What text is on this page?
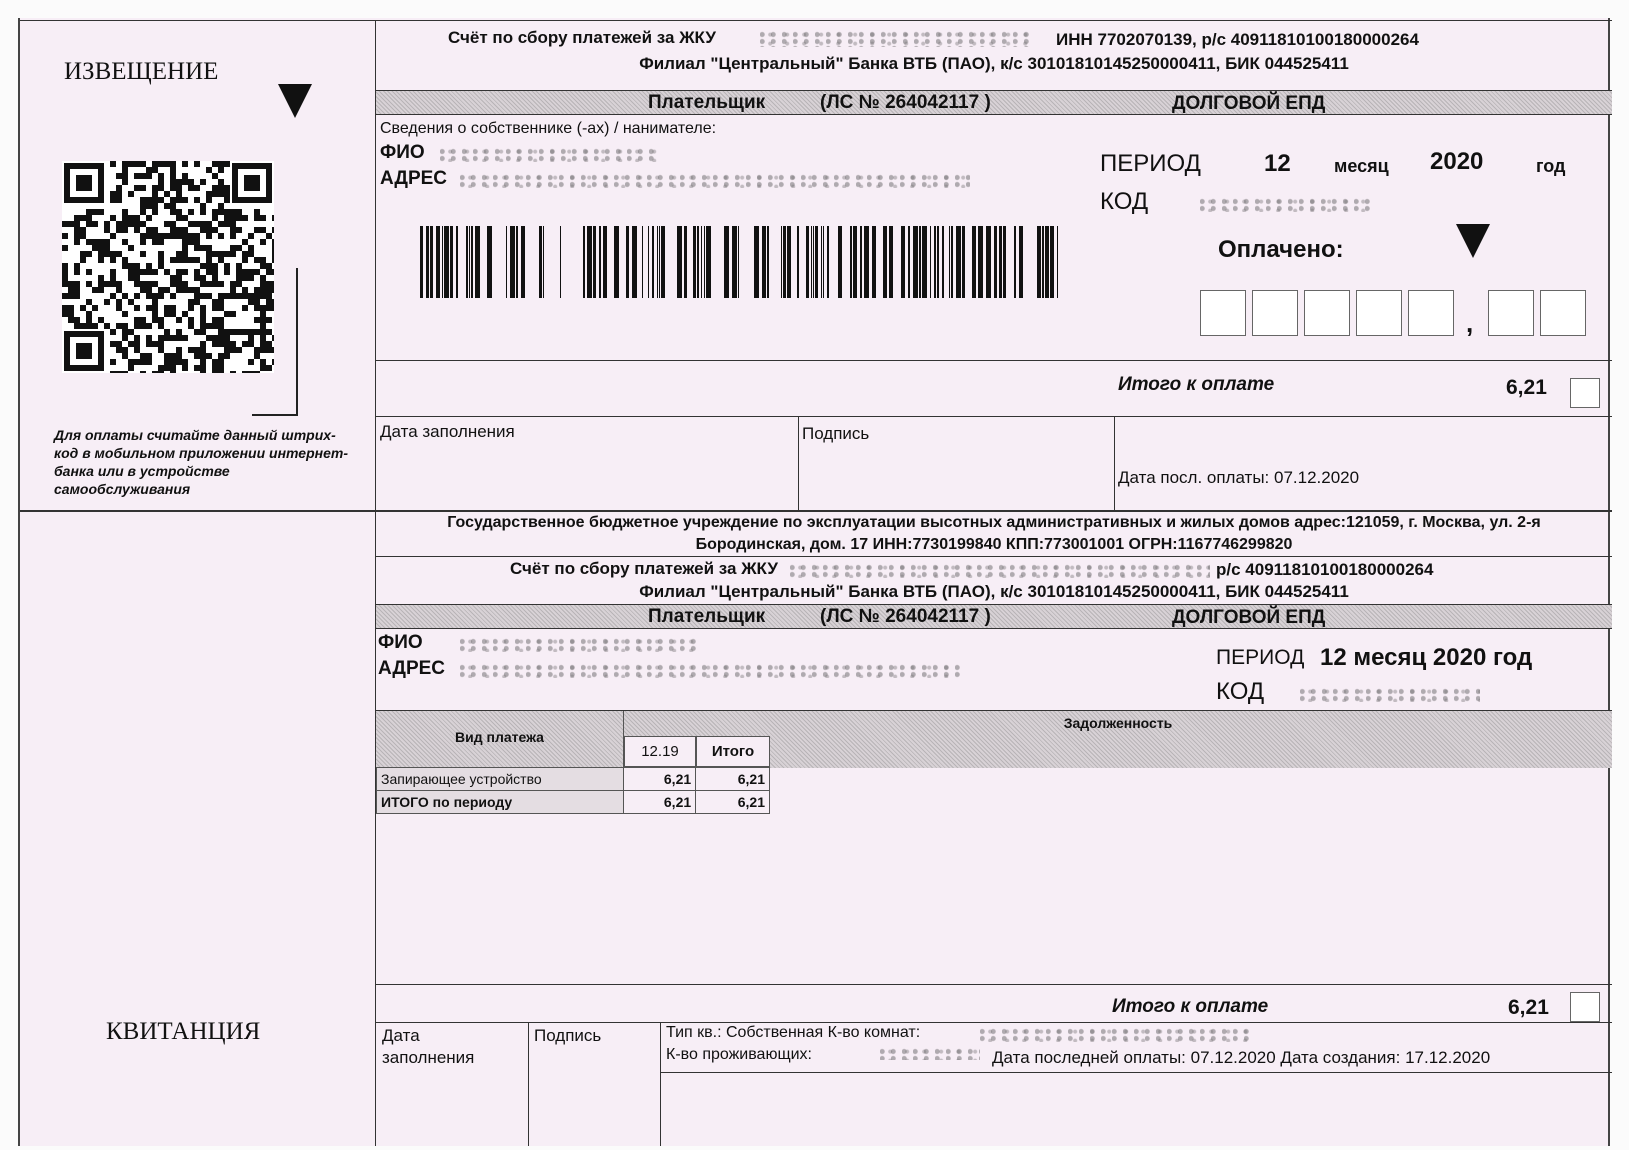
ИЗВЕЩЕНИЕ
Для оплаты считайте данный штрих-код в мобильном приложении интернет-банка или в устройстве самообслуживания
Счёт по сбору платежей за ЖКУ	ИНН 7702070139, р/с 40911810100180000264
Филиал "Центральный" Банка ВТБ (ПАО), к/с 30101810145250000411, БИК 044525411
Плательщик	(ЛС № 264042117 )	ДОЛГОВОЙ ЕПД
Сведения о собственнике (-ах) / нанимателе:
ФИО
АДРЕС
ПЕРИОД	12 месяц 2020	год
КОД
Оплачено:
,
Итого к оплате	6,21
Дата заполнения	Подпись
Дата посл. оплаты: 07.12.2020
Государственное бюджетное учреждение по эксплуатации высотных административных и жилых домов адрес:121059, г. Москва, ул. 2-я
Бородинская, дом. 17 ИНН:7730199840 КПП:773001001 ОГРН:1167746299820
Счёт по сбору платежей за ЖКУ	р/с 40911810100180000264
Филиал "Центральный" Банка ВТБ (ПАО), к/с 30101810145250000411, БИК 044525411
Плательщик	(ЛС № 264042117 )	ДОЛГОВОЙ ЕПД
ФИО
АДРЕС	ПЕРИОД 12 месяц 2020 год
КОД
Вид платежа
Задолженность
12.19	Итого
Запирающее устройство	6,21	6,21
ИТОГО по периоду	6,21	6,21
КВИТАНЦИЯ
Итого к оплате	6,21
Дата
заполнения
Подпись	Тип кв.: Собственная К-во комнат:
К-во проживающих:	Дата последней оплаты: 07.12.2020 Дата создания: 17.12.2020
